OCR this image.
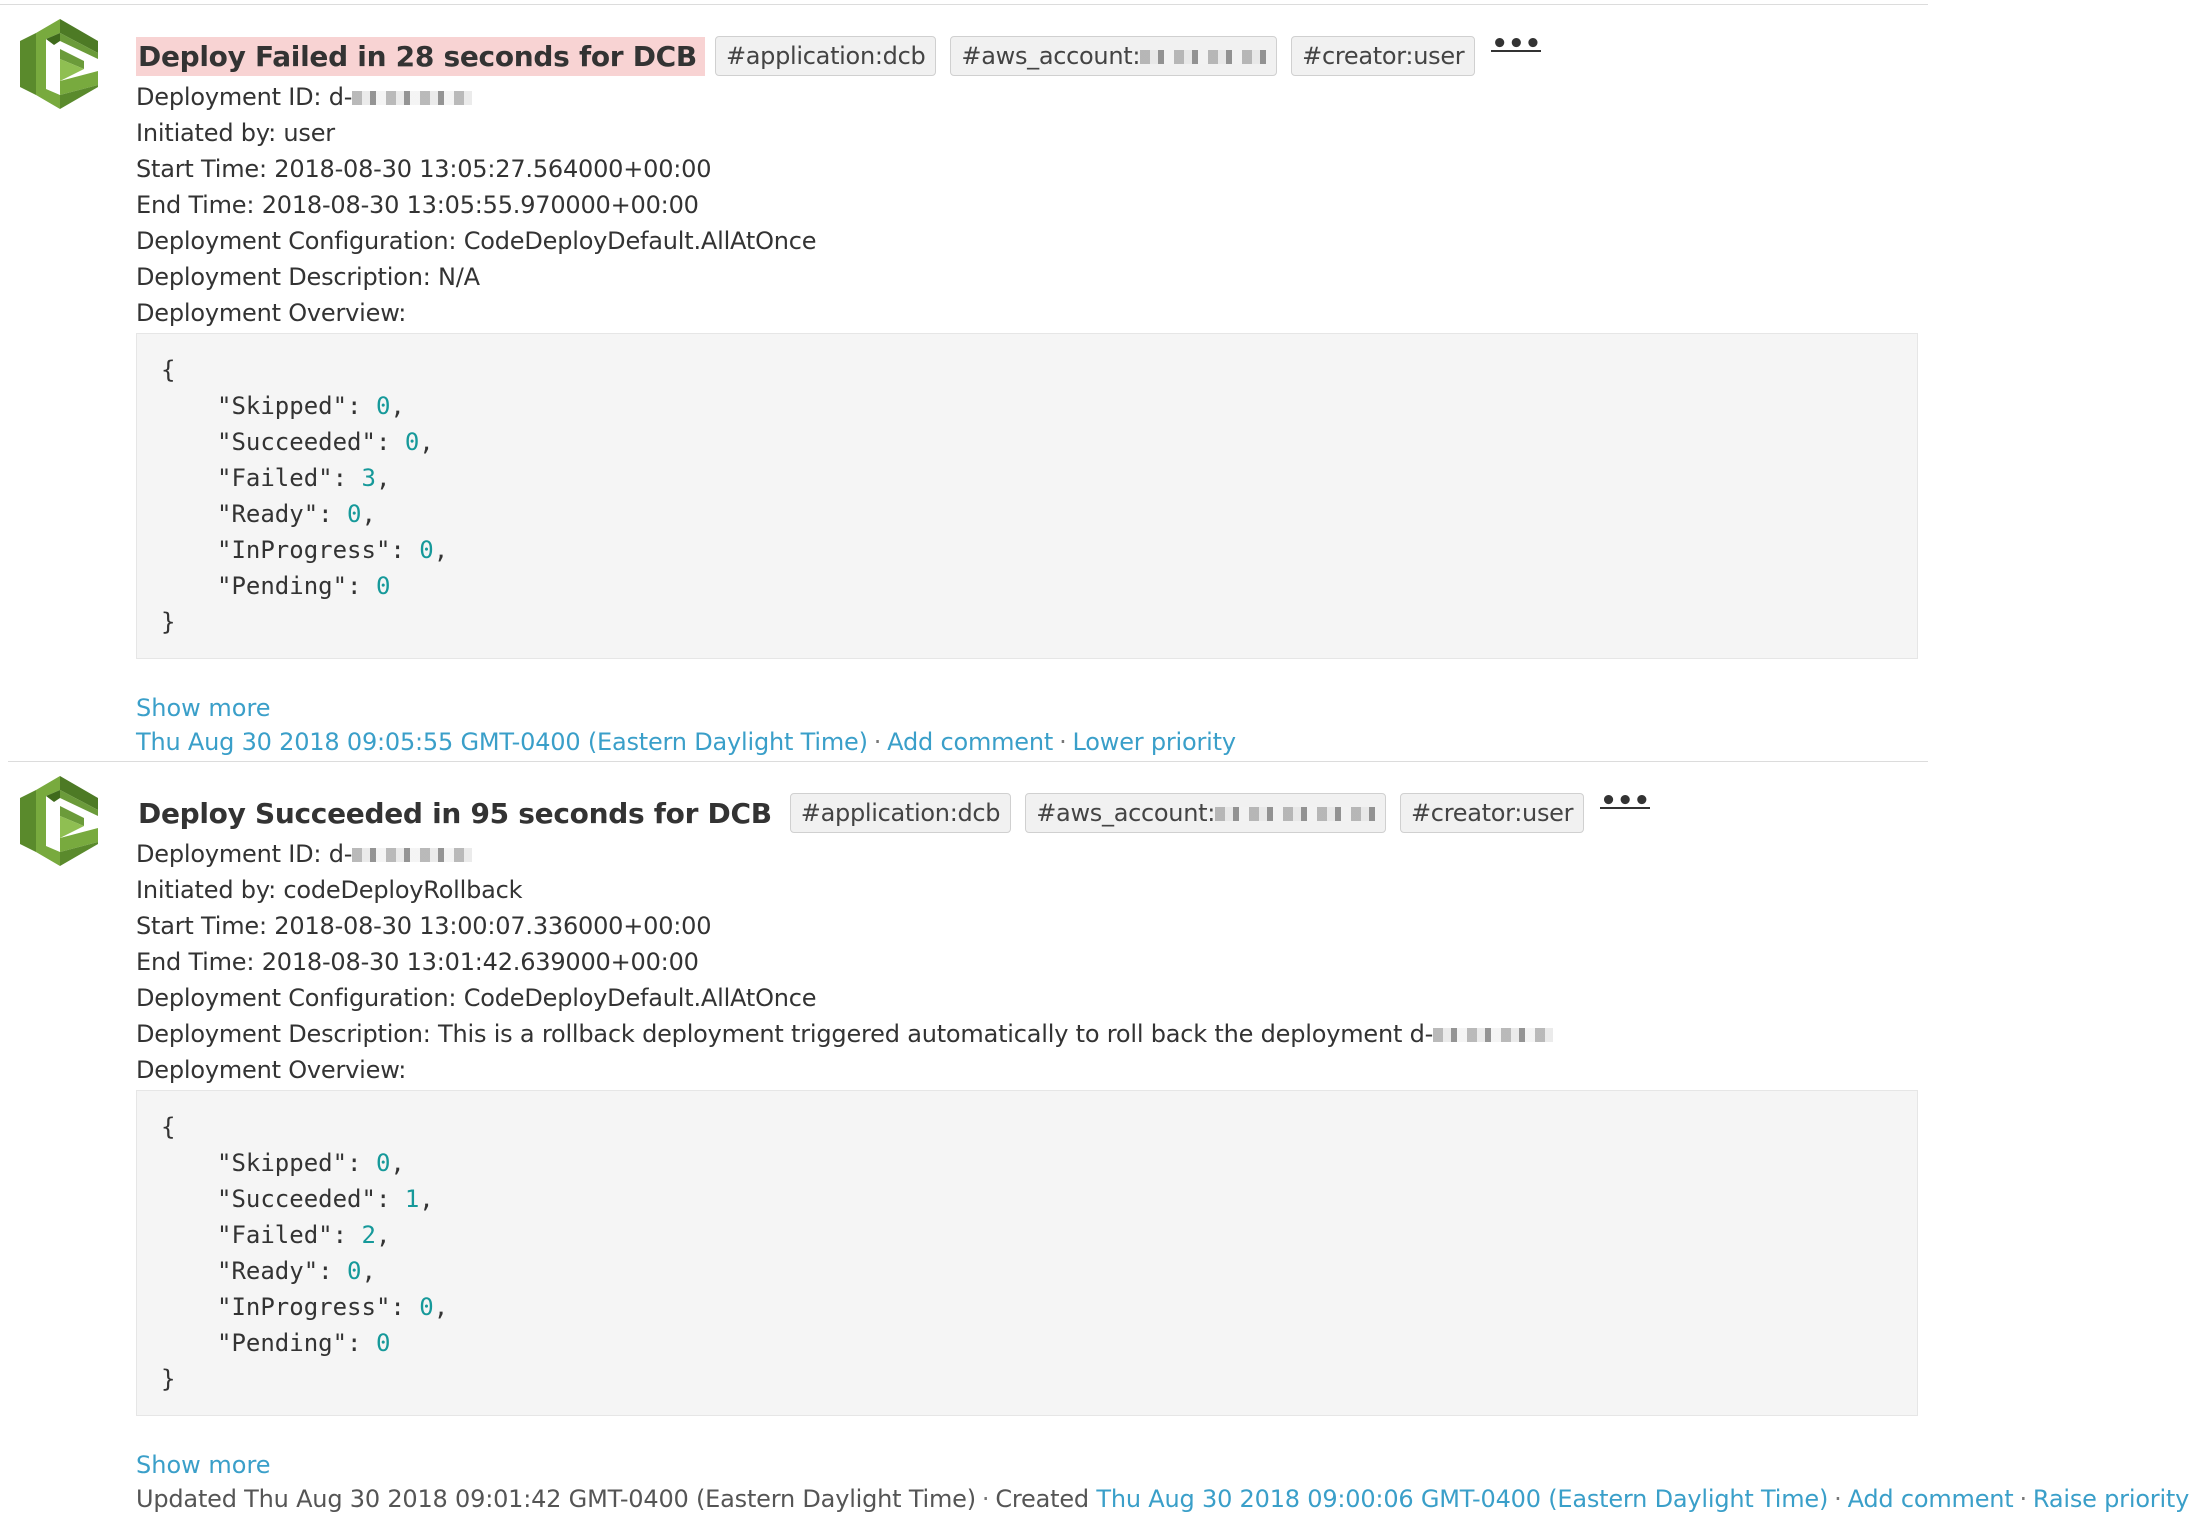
Deploy Failed in 28 seconds for DCB	#application:dcb	#aws_account:	#creator:user	•••
Deployment ID: d-
Initiated by: user
Start Time: 2018-08-30 13:05:27.564000+00:00
End Time: 2018-08-30 13:05:55.970000+00:00
Deployment Configuration: CodeDeployDefault.AllAtOnce
Deployment Description: N/A
Deployment Overview:
{

"Skipped": 0,
"Succeeded": 0,
"Failed": 3,
"Ready": 0,
"InProgress": 0,
"Pending": 0
}
Show more
Thu Aug 30 2018 09:05:55 GMT-0400 (Eastern Daylight Time) · Add comment · Lower priority
Deploy Succeeded in 95 seconds for DCB	#application:dcb	#aws_account:	#creator:user	•••
Deployment ID: d-
Initiated by: codeDeployRollback
Start Time: 2018-08-30 13:00:07.336000+00:00
End Time: 2018-08-30 13:01:42.639000+00:00
Deployment Configuration: CodeDeployDefault.AllAtOnce
Deployment Description: This is a rollback deployment triggered automatically to roll back the deployment d-
Deployment Overview:
{

"Skipped": 0,
"Succeeded": 1,
"Failed": 2,
"Ready": 0,
"InProgress": 0,
"Pending": 0
}
Show more
Updated Thu Aug 30 2018 09:01:42 GMT-0400 (Eastern Daylight Time) · Created Thu Aug 30 2018 09:00:06 GMT-0400 (Eastern Daylight Time) · Add comment · Raise priority
